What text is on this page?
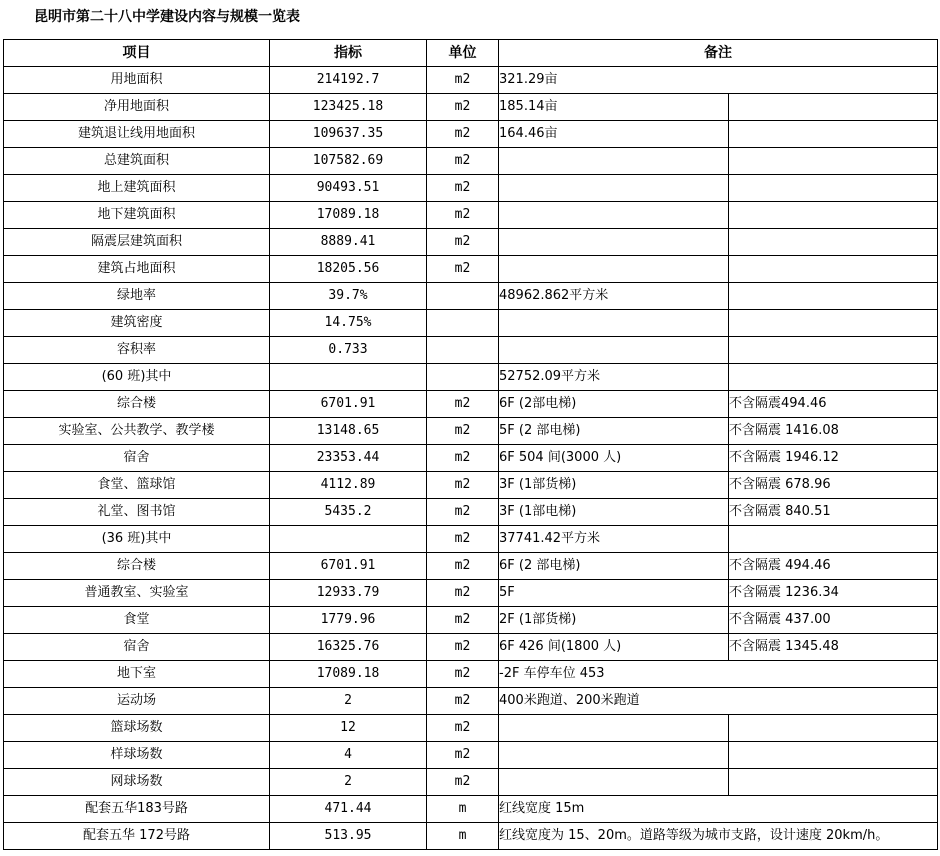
昆明市第二十八中学建设内容与规模一览表
项目	指标	单位	备注	
用地面积	214192.7	m2	321.29亩	
净用地面积	123425.18	m2	185.14亩	
建筑退让线用地面积	109637.35	m2	164.46亩	
总建筑面积	107582.69	m2		
地上建筑面积	90493.51	m2		
地下建筑面积	17089.18	m2		
隔震层建筑面积	8889.41	m2		
建筑占地面积	18205.56	m2		
绿地率	39.7%		48962.862平方米	
建筑密度	14.75%			
容积率	0.733			
(60 班)其中			52752.09平方米	
综合楼	6701.91	m2	6F (2部电梯)	不含隔震494.46
实验室、公共教学、教学楼	13148.65	m2	5F (2 部电梯)	不含隔震 1416.08
宿舍	23353.44	m2	6F 504 间(3000 人)	不含隔震 1946.12
食堂、篮球馆	4112.89	m2	3F (1部货梯)	不含隔震 678.96
礼堂、图书馆	5435.2	m2	3F (1部电梯)	不含隔震 840.51
(36 班)其中		m2	37741.42平方米	
综合楼	6701.91	m2	6F (2 部电梯)	不含隔震 494.46
普通教室、实验室	12933.79	m2	5F	不含隔震 1236.34
食堂	1779.96	m2	2F (1部货梯)	不含隔震 437.00
宿舍	16325.76	m2	6F 426 间(1800 人)	不含隔震 1345.48
地下室	17089.18	m2	-2F 车停车位 453	
运动场	2	m2	400米跑道、200米跑道	
篮球场数	12	m2		
样球场数	4	m2		
网球场数	2	m2		
配套五华183号路	471.44	m	红线宽度 15m	
配套五华 172号路	513.95	m	红线宽度为 15、20m。道路等级为城市支路，设计速度 20km/h。	
